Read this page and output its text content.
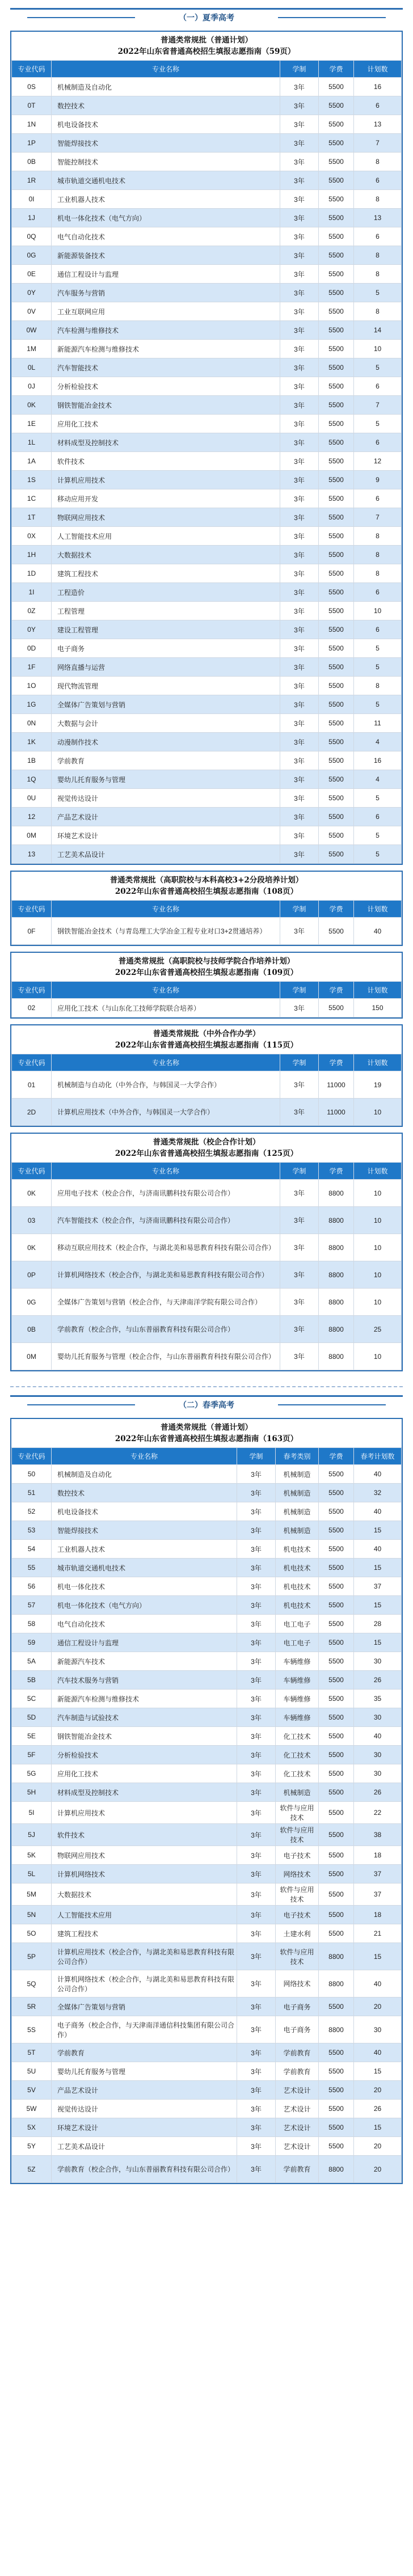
（一）夏季高考
普通类常规批（普通计划）
2022年山东省普通高校招生填报志愿指南（59页）
专业代码	专业名称	学制	学费	计划数
0S	机械制造及自动化	3年	5500	16
0T	数控技术	3年	5500	6
1N	机电设备技术	3年	5500	13
1P	智能焊接技术	3年	5500	7
0B	智能控制技术	3年	5500	8
1R	城市轨道交通机电技术	3年	5500	6
0I	工业机器人技术	3年	5500	8
1J	机电一体化技术（电气方向）	3年	5500	13
0Q	电气自动化技术	3年	5500	6
0G	新能源装备技术	3年	5500	8
0E	通信工程设计与监理	3年	5500	8
0Y	汽车服务与营销	3年	5500	5
0V	工业互联网应用	3年	5500	8
0W	汽车检测与维修技术	3年	5500	14
1M	新能源汽车检测与维修技术	3年	5500	10
0L	汽车智能技术	3年	5500	5
0J	分析检验技术	3年	5500	6
0K	钢铁智能冶金技术	3年	5500	7
1E	应用化工技术	3年	5500	5
1L	材料成型及控制技术	3年	5500	6
1A	软件技术	3年	5500	12
1S	计算机应用技术	3年	5500	9
1C	移动应用开发	3年	5500	6
1T	物联网应用技术	3年	5500	7
0X	人工智能技术应用	3年	5500	8
1H	大数据技术	3年	5500	8
1D	建筑工程技术	3年	5500	8
1I	工程造价	3年	5500	6
0Z	工程管理	3年	5500	10
0Y	建设工程管理	3年	5500	6
0D	电子商务	3年	5500	5
1F	网络直播与运营	3年	5500	5
1O	现代物流管理	3年	5500	8
1G	全媒体广告策划与营销	3年	5500	5
0N	大数据与会计	3年	5500	11
1K	动漫制作技术	3年	5500	4
1B	学前教育	3年	5500	16
1Q	婴幼儿托育服务与管理	3年	5500	4
0U	视觉传达设计	3年	5500	5
12	产品艺术设计	3年	5500	6
0M	环境艺术设计	3年	5500	5
13	工艺美术品设计	3年	5500	5
普通类常规批（高职院校与本科高校3+2分段培养计划）
2022年山东省普通高校招生填报志愿指南（108页）
专业代码	专业名称	学制	学费	计划数
0F	钢铁智能冶金技术（与青岛理工大学冶金工程专业对口3+2贯通培养）	3年	5500	40
普通类常规批（高职院校与技师学院合作培养计划）
2022年山东省普通高校招生填报志愿指南（109页）
专业代码	专业名称	学制	学费	计划数
02	应用化工技术（与山东化工技师学院联合培养）	3年	5500	150
普通类常规批（中外合作办学）
2022年山东省普通高校招生填报志愿指南（115页）
专业代码	专业名称	学制	学费	计划数
01	机械制造与自动化（中外合作，与韩国灵一大学合作）	3年	11000	19
2D	计算机应用技术（中外合作，与韩国灵一大学合作）	3年	11000	10
普通类常规批（校企合作计划）
2022年山东省普通高校招生填报志愿指南（125页）
专业代码	专业名称	学制	学费	计划数
0K	应用电子技术（校企合作，与济南讯鹏科技有限公司合作）	3年	8800	10
03	汽车智能技术（校企合作，与济南讯鹏科技有限公司合作）	3年	8800	10
0K	移动互联应用技术（校企合作，与湖北美和易思教育科技有限公司合作）	3年	8800	10
0P	计算机网络技术（校企合作，与湖北美和易思教育科技有限公司合作）	3年	8800	10
0G	全媒体广告策划与营销（校企合作，与天津南洋学院有限公司合作）	3年	8800	10
0B	学前教育（校企合作，与山东普丽教育科技有限公司合作）	3年	8800	25
0M	婴幼儿托育服务与管理（校企合作，与山东普丽教育科技有限公司合作）	3年	8800	10
（二）春季高考
普通类常规批（普通计划）
2022年山东省普通高校招生填报志愿指南（163页）
专业代码	专业名称	学制	春考类别	学费	春考计划数
50	机械制造及自动化	3年	机械制造	5500	40
51	数控技术	3年	机械制造	5500	32
52	机电设备技术	3年	机械制造	5500	40
53	智能焊接技术	3年	机械制造	5500	15
54	工业机器人技术	3年	机电技术	5500	40
55	城市轨道交通机电技术	3年	机电技术	5500	15
56	机电一体化技术	3年	机电技术	5500	37
57	机电一体化技术（电气方向）	3年	机电技术	5500	15
58	电气自动化技术	3年	电工电子	5500	28
59	通信工程设计与监理	3年	电工电子	5500	15
5A	新能源汽车技术	3年	车辆维修	5500	30
5B	汽车技术服务与营销	3年	车辆维修	5500	26
5C	新能源汽车检测与维修技术	3年	车辆维修	5500	35
5D	汽车制造与试验技术	3年	车辆维修	5500	30
5E	钢铁智能冶金技术	3年	化工技术	5500	40
5F	分析检验技术	3年	化工技术	5500	30
5G	应用化工技术	3年	化工技术	5500	30
5H	材料成型及控制技术	3年	机械制造	5500	26
5I	计算机应用技术	3年	软件与应用技术	5500	22
5J	软件技术	3年	软件与应用技术	5500	38
5K	物联网应用技术	3年	电子技术	5500	18
5L	计算机网络技术	3年	网络技术	5500	37
5M	大数据技术	3年	软件与应用技术	5500	37
5N	人工智能技术应用	3年	电子技术	5500	18
5O	建筑工程技术	3年	土建水利	5500	21
5P	计算机应用技术（校企合作，与湖北美和易思教育科技有限公司合作）	3年	软件与应用技术	8800	15
5Q	计算机网络技术（校企合作，与湖北美和易思教育科技有限公司合作）	3年	网络技术	8800	40
5R	全媒体广告策划与营销	3年	电子商务	5500	20
5S	电子商务（校企合作，与天津南洋通信科技集团有限公司合作）	3年	电子商务	8800	30
5T	学前教育	3年	学前教育	5500	40
5U	婴幼儿托育服务与管理	3年	学前教育	5500	15
5V	产品艺术设计	3年	艺术设计	5500	20
5W	视觉传达设计	3年	艺术设计	5500	26
5X	环境艺术设计	3年	艺术设计	5500	15
5Y	工艺美术品设计	3年	艺术设计	5500	20
5Z	学前教育（校企合作，与山东普丽教育科技有限公司合作）	3年	学前教育	8800	20
